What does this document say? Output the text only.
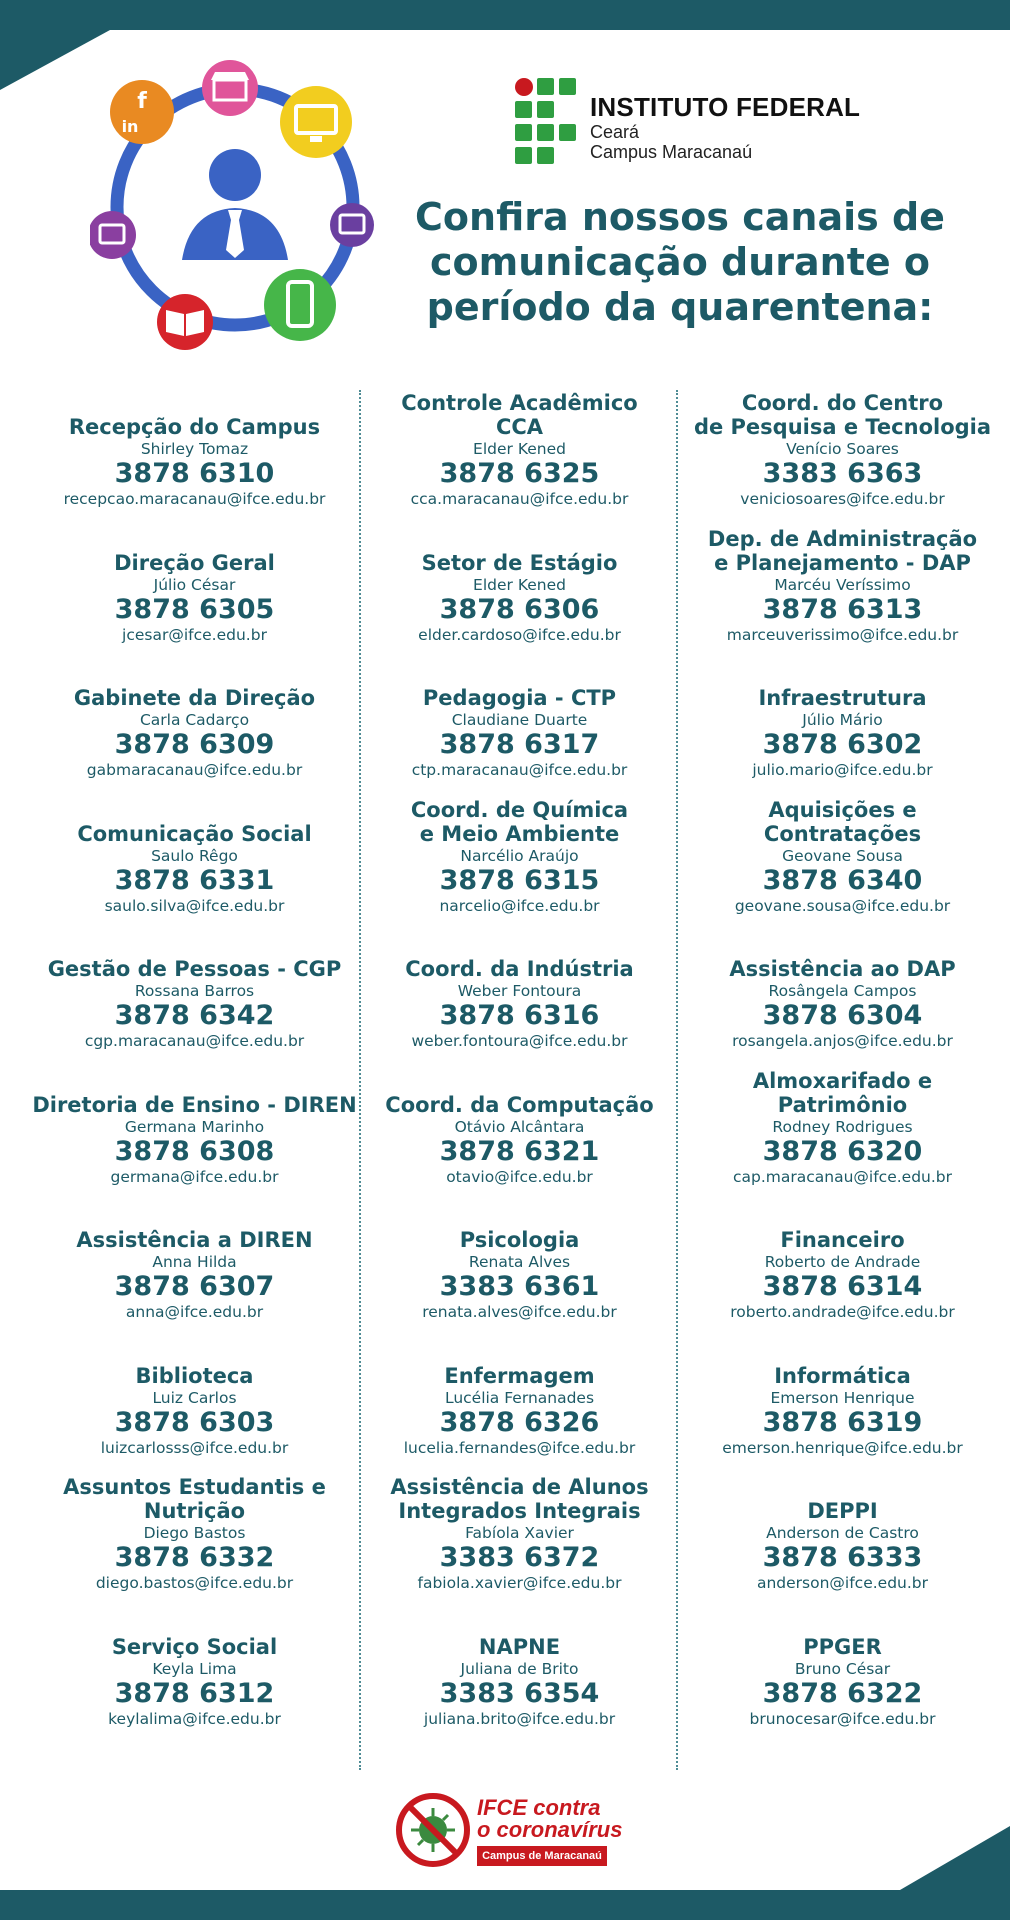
f
in
INSTITUTO FEDERAL
Ceará
Campus Maracanaú
Confira nossos canais de comunicação durante o período da quarentena:
Recepção do Campus
Shirley Tomaz
3878 6310
recepcao.maracanau@ifce.edu.br
Direção Geral
Júlio César
3878 6305
jcesar@ifce.edu.br
Gabinete da Direção
Carla Cadarço
3878 6309
gabmaracanau@ifce.edu.br
Comunicação Social
Saulo Rêgo
3878 6331
saulo.silva@ifce.edu.br
Gestão de Pessoas - CGP
Rossana Barros
3878 6342
cgp.maracanau@ifce.edu.br
Diretoria de Ensino - DIREN
Germana Marinho
3878 6308
germana@ifce.edu.br
Assistência a DIREN
Anna Hilda
3878 6307
anna@ifce.edu.br
Biblioteca
Luiz Carlos
3878 6303
luizcarlosss@ifce.edu.br
Assuntos Estudantis e
Nutrição
Diego Bastos
3878 6332
diego.bastos@ifce.edu.br
Serviço Social
Keyla Lima
3878 6312
keylalima@ifce.edu.br
Controle Acadêmico
CCA
Elder Kened
3878 6325
cca.maracanau@ifce.edu.br
Setor de Estágio
Elder Kened
3878 6306
elder.cardoso@ifce.edu.br
Pedagogia - CTP
Claudiane Duarte
3878 6317
ctp.maracanau@ifce.edu.br
Coord. de Química
e Meio Ambiente
Narcélio Araújo
3878 6315
narcelio@ifce.edu.br
Coord. da Indústria
Weber Fontoura
3878 6316
weber.fontoura@ifce.edu.br
Coord. da Computação
Otávio Alcântara
3878 6321
otavio@ifce.edu.br
Psicologia
Renata Alves
3383 6361
renata.alves@ifce.edu.br
Enfermagem
Lucélia Fernanades
3878 6326
lucelia.fernandes@ifce.edu.br
Assistência de Alunos
Integrados Integrais
Fabíola Xavier
3383 6372
fabiola.xavier@ifce.edu.br
NAPNE
Juliana de Brito
3383 6354
juliana.brito@ifce.edu.br
Coord. do Centro
de Pesquisa e Tecnologia
Venício Soares
3383 6363
veniciosoares@ifce.edu.br
Dep. de Administração
e Planejamento - DAP
Marcéu Veríssimo
3878 6313
marceuverissimo@ifce.edu.br
Infraestrutura
Júlio Mário
3878 6302
julio.mario@ifce.edu.br
Aquisições e
Contratações
Geovane Sousa
3878 6340
geovane.sousa@ifce.edu.br
Assistência ao DAP
Rosângela Campos
3878 6304
rosangela.anjos@ifce.edu.br
Almoxarifado e
Patrimônio
Rodney Rodrigues
3878 6320
cap.maracanau@ifce.edu.br
Financeiro
Roberto de Andrade
3878 6314
roberto.andrade@ifce.edu.br
Informática
Emerson Henrique
3878 6319
emerson.henrique@ifce.edu.br
DEPPI
Anderson de Castro
3878 6333
anderson@ifce.edu.br
PPGER
Bruno César
3878 6322
brunocesar@ifce.edu.br
IFCE contra
o coronavírus
Campus de Maracanaú
